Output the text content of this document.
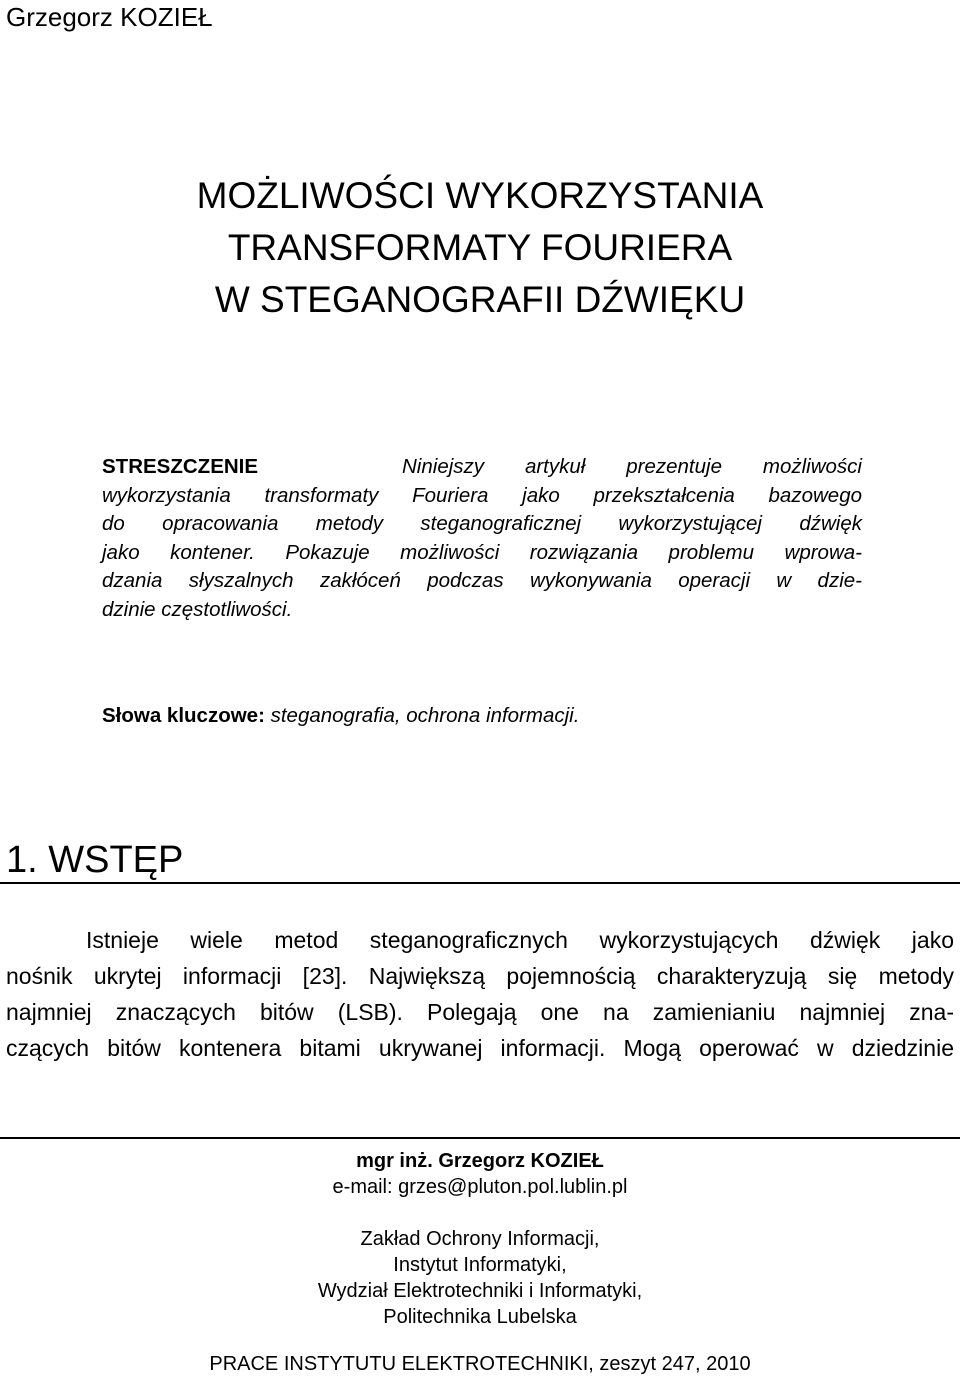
Grzegorz KOZIEŁ
MOŻLIWOŚCI WYKORZYSTANIA
TRANSFORMATY FOURIERA
W STEGANOGRAFII DŹWIĘKU
STRESZCZENIE	Niniejszy artykuł prezentuje możliwości
wykorzystania transformaty Fouriera jako przekształcenia bazowego
do opracowania metody steganograficznej wykorzystującej dźwięk
jako kontener. Pokazuje możliwości rozwiązania problemu wprowa-
dzania słyszalnych zakłóceń podczas wykonywania operacji w dzie-
dzinie częstotliwości.
Słowa kluczowe: steganografia, ochrona informacji.
1. WSTĘP
Istnieje wiele metod steganograficznych wykorzystujących dźwięk jako
nośnik ukrytej informacji [23]. Największą pojemnością charakteryzują się metody
najmniej znaczących bitów (LSB). Polegają one na zamienianiu najmniej zna-
czących bitów kontenera bitami ukrywanej informacji. Mogą operować w dziedzinie
mgr inż. Grzegorz KOZIEŁ
e-mail: grzes@pluton.pol.lublin.pl
Zakład Ochrony Informacji,
Instytut Informatyki,
Wydział Elektrotechniki i Informatyki,
Politechnika Lubelska
PRACE INSTYTUTU ELEKTROTECHNIKI, zeszyt 247, 2010
